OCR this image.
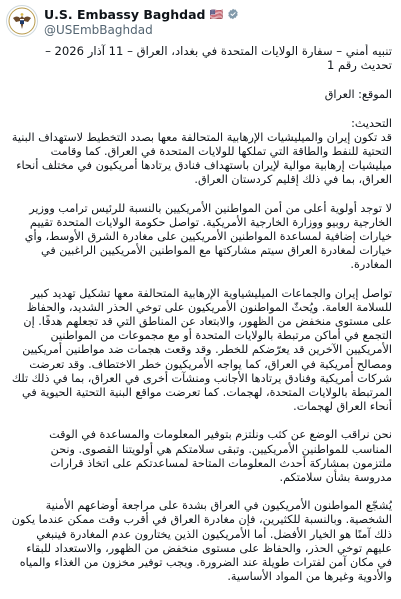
U.S. Embassy Baghdad 🇺🇸
@USEmbBaghdad

تنبيه أمني – سفارة الولايات المتحدة في بغداد، العراق – 11 آذار 2026 – تحديث رقم 1

الموقع: العراق

التحديث:

قد تكون إيران والميليشيات الإرهابية المتحالفة معها بصدد التخطيط لاستهداف البنية التحتية للنفط والطاقة التي تملكها للولايات المتحدة في العراق. كما وقامت ميليشيات إرهابية موالية لإيران باستهداف فنادق يرتادها أمريكيون في مختلف أنحاء العراق، بما في ذلك إقليم كردستان العراق.

لا توجد أولوية أعلى من أمن المواطنين الأمريكيين بالنسبة للرئيس ترامب ووزير الخارجية روبيو ووزارة الخارجية الأمريكية. تواصل حكومة الولايات المتحدة تقييم خيارات إضافية لمساعدة المواطنين الأمريكيين على مغادرة الشرق الأوسط، وأي خيارات لمغادرة العراق سيتم مشاركتها مع المواطنين الأمريكيين الراغبين في المغادرة.

تواصل إيران والجماعات الميليشياوية الإرهابية المتحالفة معها تشكيل تهديد كبير للسلامة العامة. ويُحثّ المواطنون الأمريكيون على توخي الحذر الشديد، والحفاظ على مستوى منخفض من الظهور، والابتعاد عن المناطق التي قد تجعلهم هدفًا. إن التجمع في أماكن مرتبطة بالولايات المتحدة أو مع مجموعات من المواطنين الأمريكيين الآخرين قد يعرّضكم للخطر. وقد وقعت هجمات ضد مواطنين أمريكيين ومصالح أمريكية في العراق، كما يواجه الأمريكيون خطر الاختطاف. وقد تعرضت شركات أمريكية وفنادق يرتادها الأجانب ومنشآت أخرى في العراق، بما في ذلك تلك المرتبطة بالولايات المتحدة، لهجمات. كما تعرضت مواقع البنية التحتية الحيوية في أنحاء العراق لهجمات.

نحن نراقب الوضع عن كثب ونلتزم بتوفير المعلومات والمساعدة في الوقت المناسب للمواطنين الأمريكيين. وتبقى سلامتكم هي أولويتنا القصوى. ونحن ملتزمون بمشاركة أحدث المعلومات المتاحة لمساعدتكم على اتخاذ قرارات مدروسة بشأن سلامتكم.

يُشجّع المواطنون الأمريكيون في العراق بشدة على مراجعة أوضاعهم الأمنية الشخصية. وبالنسبة للكثيرين، فإن مغادرة العراق في أقرب وقت ممكن عندما يكون ذلك آمنًا هو الخيار الأفضل. أما الأمريكيون الذين يختارون عدم المغادرة فينبغي عليهم توخي الحذر، والحفاظ على مستوى منخفض من الظهور، والاستعداد للبقاء في مكان آمن لفترات طويلة عند الضرورة. ويجب توفير مخزون من الغذاء والمياه والأدوية وغيرها من المواد الأساسية.
